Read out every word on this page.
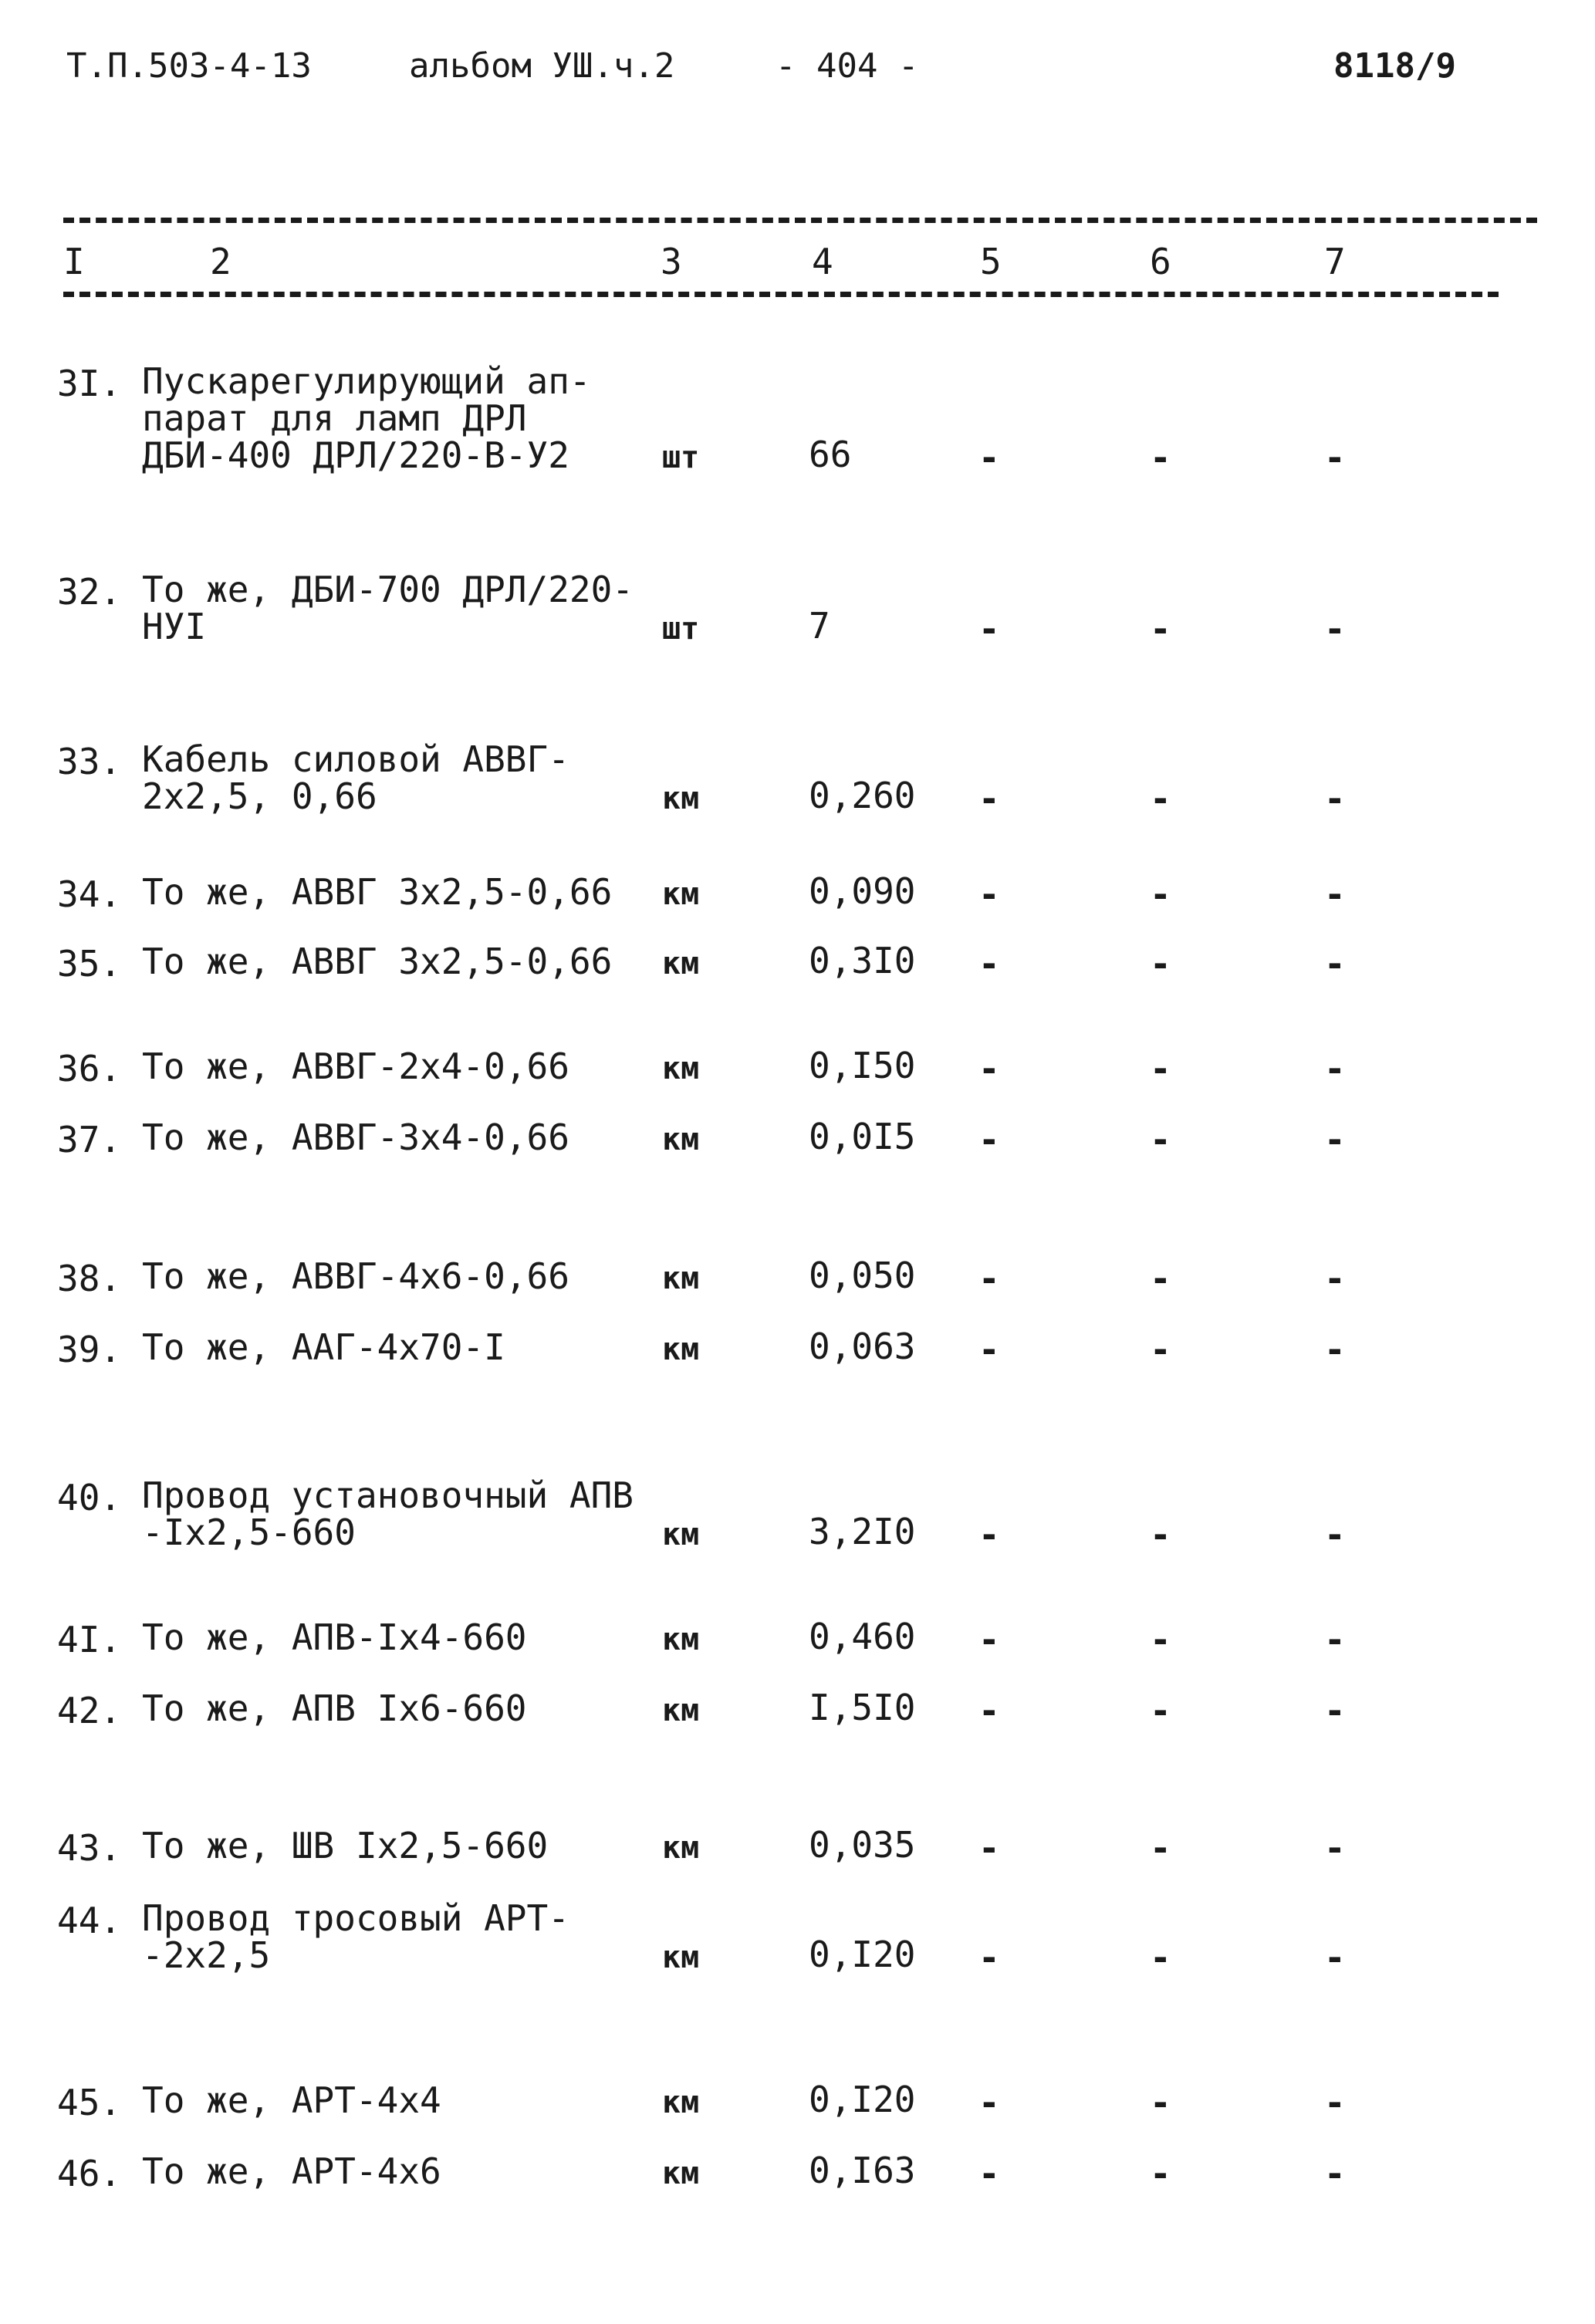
Т.П.503-4-13	альбом УШ.ч.2	- 404 -	8118/9
I	2	3	4	5	6	7
3I. Пускарегулирующий ап-
парат для ламп ДРЛ
ДБИ-400 ДРЛ/220-В-У2	шт	66	-	-	-
32. То же, ДБИ-700 ДРЛ/220-
НУI	шт	7	-	-	-
33. Кабель силовой АВВГ-
2х2,5, 0,66	км	0,260 -	-	-
34. То же, АВВГ 3х2,5-0,66	км	0,090 -	-	-
35. То же, АВВГ 3х2,5-0,66	км	0,3I0 -	-	-
36. То же, АВВГ-2х4-0,66	км	0,I50 -	-	-
37. То же, АВВГ-3х4-0,66	км	0,0I5 -	-	-
38. То же, АВВГ-4х6-0,66	км	0,050 -	-	-
39. То же, ААГ-4х70-I	км	0,063 -	-	-
40. Провод установочный АПВ
-Iх2,5-660	км	3,2I0 -	-	-
4I. То же, АПВ-Iх4-660	км	0,460 -	-	-
42. То же, АПВ Iх6-660	км	I,5I0 -	-	-
43. То же, ШВ Iх2,5-660	км	0,035 -	-	-
44. Провод тросовый АРТ-
-2х2,5	км	0,I20 -	-	-
45. То же, АРТ-4х4	км	0,I20 -	-	-
46. То же, АРТ-4х6	км	0,I63 -	-	-
